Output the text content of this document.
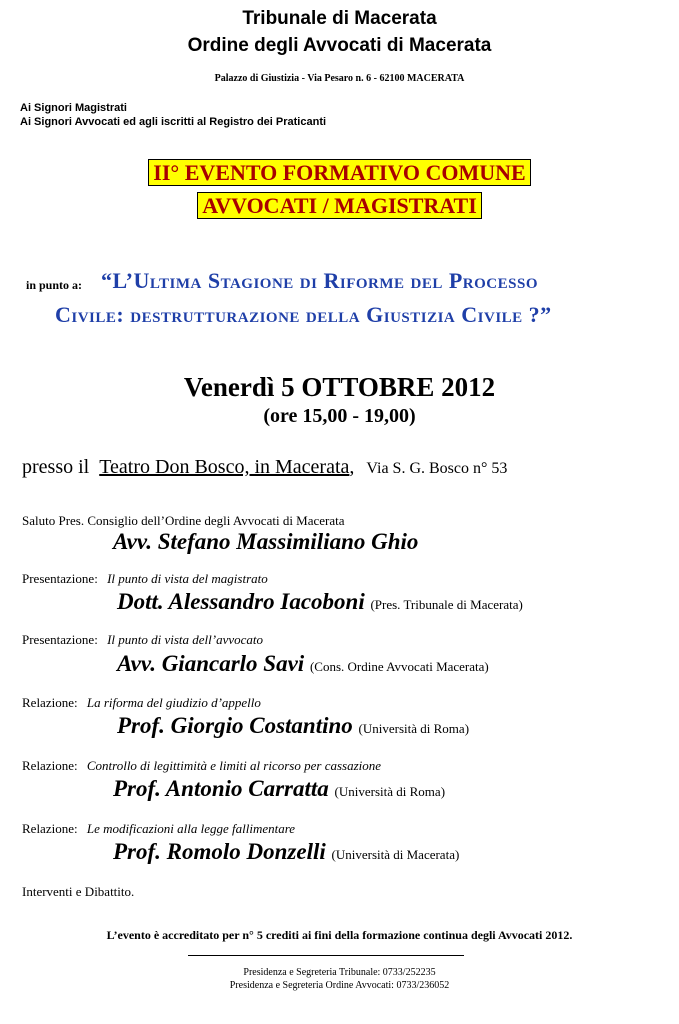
Tribunale di Macerata
Ordine degli Avvocati di Macerata
Palazzo di Giustizia - Via Pesaro n. 6 - 62100 MACERATA
Ai Signori Magistrati
Ai Signori Avvocati ed agli iscritti al Registro dei Praticanti
II° EVENTO FORMATIVO COMUNE
AVVOCATI / MAGISTRATI
in punto a: “L’Ultima Stagione di Riforme del Processo
Civile: destrutturazione della Giustizia Civile ?”
Venerdì 5 OTTOBRE 2012
(ore 15,00 - 19,00)
presso il Teatro Don Bosco, in Macerata, Via S. G. Bosco n° 53
Saluto Pres. Consiglio dell’Ordine degli Avvocati di Macerata
Avv. Stefano Massimiliano Ghio
Presentazione: Il punto di vista del magistrato
Dott. Alessandro Iacoboni (Pres. Tribunale di Macerata)
Presentazione: Il punto di vista dell’avvocato
Avv. Giancarlo Savi (Cons. Ordine Avvocati Macerata)
Relazione: La riforma del giudizio d’appello
Prof. Giorgio Costantino (Università di Roma)
Relazione: Controllo di legittimità e limiti al ricorso per cassazione
Prof. Antonio Carratta (Università di Roma)
Relazione: Le modificazioni alla legge fallimentare
Prof. Romolo Donzelli (Università di Macerata)
Interventi e Dibattito.
L’evento è accreditato per n° 5 crediti ai fini della formazione continua degli Avvocati 2012.
Presidenza e Segreteria Tribunale: 0733/252235
Presidenza e Segreteria Ordine Avvocati: 0733/236052
